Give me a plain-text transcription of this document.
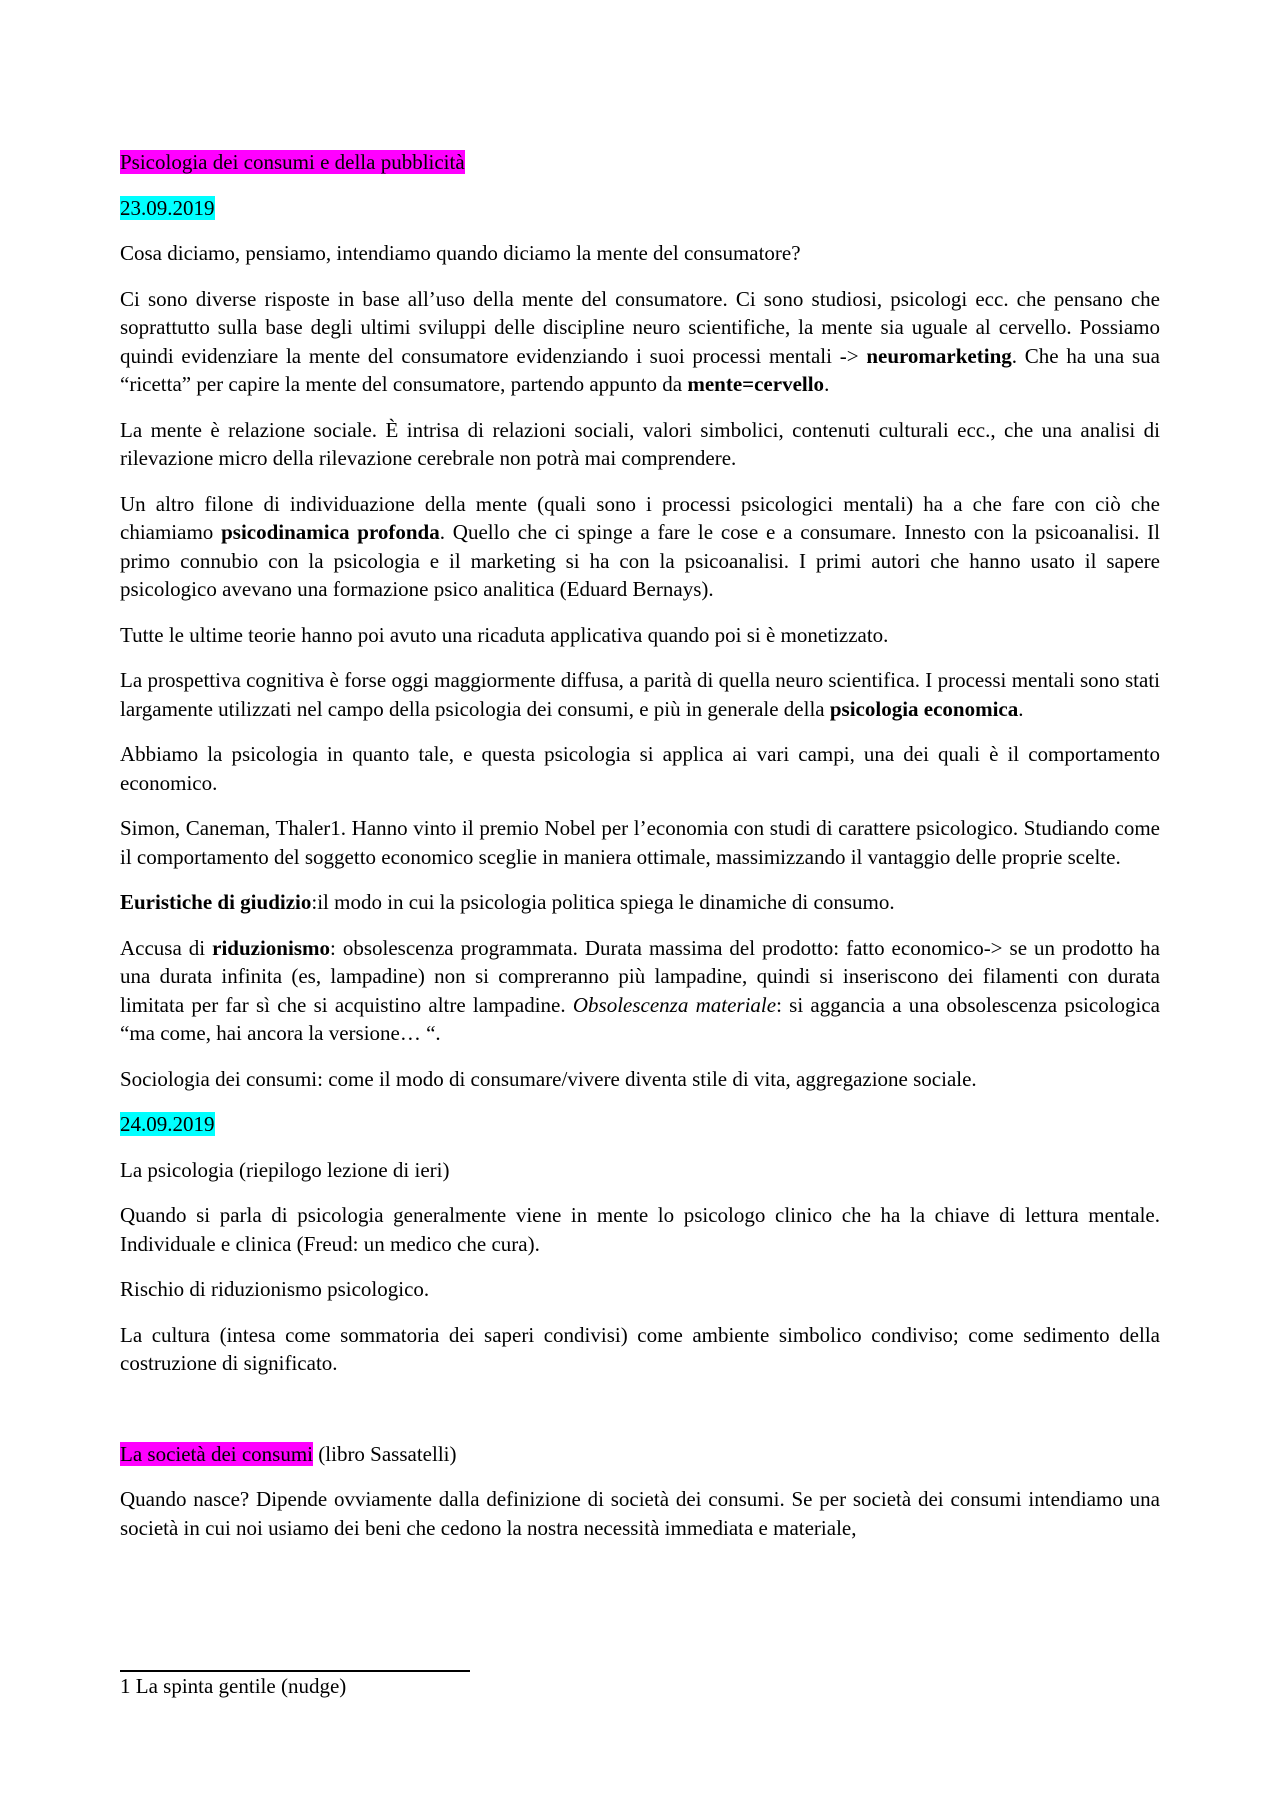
Psicologia dei consumi e della pubblicità

23.09.2019

Cosa diciamo, pensiamo, intendiamo quando diciamo la mente del consumatore?

Ci sono diverse risposte in base all’uso della mente del consumatore. Ci sono studiosi, psicologi ecc. che pensano che soprattutto sulla base degli ultimi sviluppi delle discipline neuro scientifiche, la mente sia uguale al cervello. Possiamo quindi evidenziare la mente del consumatore evidenziando i suoi processi mentali -> neuromarketing. Che ha una sua “ricetta” per capire la mente del consumatore, partendo appunto da mente=cervello.

La mente è relazione sociale. È intrisa di relazioni sociali, valori simbolici, contenuti culturali ecc., che una analisi di rilevazione micro della rilevazione cerebrale non potrà mai comprendere.

Un altro filone di individuazione della mente (quali sono i processi psicologici mentali) ha a che fare con ciò che chiamiamo psicodinamica profonda. Quello che ci spinge a fare le cose e a consumare. Innesto con la psicoanalisi. Il primo connubio con la psicologia e il marketing si ha con la psicoanalisi. I primi autori che hanno usato il sapere psicologico avevano una formazione psico analitica (Eduard Bernays).

Tutte le ultime teorie hanno poi avuto una ricaduta applicativa quando poi si è monetizzato.

La prospettiva cognitiva è forse oggi maggiormente diffusa, a parità di quella neuro scientifica. I processi mentali sono stati largamente utilizzati nel campo della psicologia dei consumi, e più in generale della psicologia economica.

Abbiamo la psicologia in quanto tale, e questa psicologia si applica ai vari campi, una dei quali è il comportamento economico.

Simon, Caneman, Thaler1. Hanno vinto il premio Nobel per l’economia con studi di carattere psicologico. Studiando come il comportamento del soggetto economico sceglie in maniera ottimale, massimizzando il vantaggio delle proprie scelte.

Euristiche di giudizio:il modo in cui la psicologia politica spiega le dinamiche di consumo.

Accusa di riduzionismo: obsolescenza programmata. Durata massima del prodotto: fatto economico-> se un prodotto ha una durata infinita (es, lampadine) non si compreranno più lampadine, quindi si inseriscono dei filamenti con durata limitata per far sì che si acquistino altre lampadine. Obsolescenza materiale: si aggancia a una obsolescenza psicologica “ma come, hai ancora la versione… “.

Sociologia dei consumi: come il modo di consumare/vivere diventa stile di vita, aggregazione sociale.

24.09.2019

La psicologia (riepilogo lezione di ieri)

Quando si parla di psicologia generalmente viene in mente lo psicologo clinico che ha la chiave di lettura mentale. Individuale e clinica (Freud: un medico che cura).

Rischio di riduzionismo psicologico.

La cultura (intesa come sommatoria dei saperi condivisi) come ambiente simbolico condiviso; come sedimento della costruzione di significato.

La società dei consumi (libro Sassatelli)

Quando nasce? Dipende ovviamente dalla definizione di società dei consumi. Se per società dei consumi intendiamo una società in cui noi usiamo dei beni che cedono la nostra necessità immediata e materiale,

1 La spinta gentile (nudge)
